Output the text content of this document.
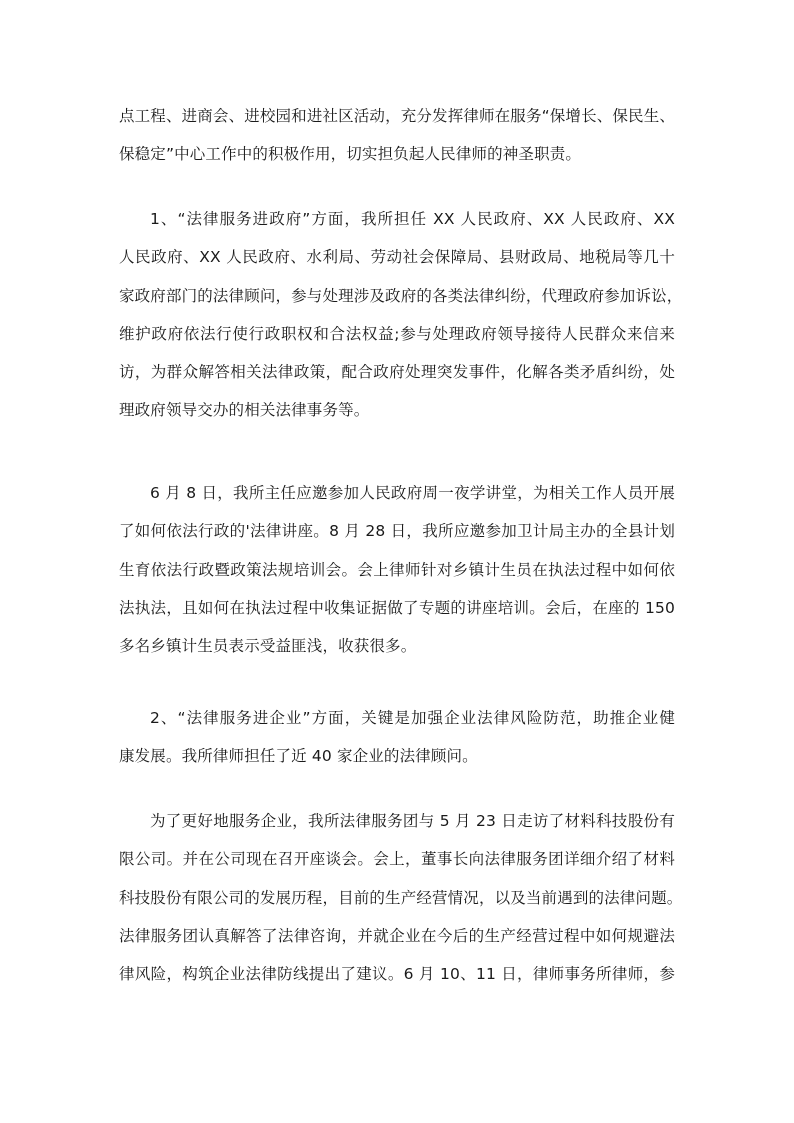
点工程、进商会、进校园和进社区活动，充分发挥律师在服务“保增长、保民生、
保稳定”中心工作中的积极作用，切实担负起人民律师的神圣职责。
1、“法律服务进政府”方面，我所担任 XX 人民政府、XX 人民政府、XX
人民政府、XX 人民政府、水利局、劳动社会保障局、县财政局、地税局等几十
家政府部门的法律顾问，参与处理涉及政府的各类法律纠纷，代理政府参加诉讼，
维护政府依法行使行政职权和合法权益;参与处理政府领导接待人民群众来信来
访，为群众解答相关法律政策，配合政府处理突发事件，化解各类矛盾纠纷，处
理政府领导交办的相关法律事务等。
6 月 8 日，我所主任应邀参加人民政府周一夜学讲堂，为相关工作人员开展
了如何依法行政的'法律讲座。8 月 28 日，我所应邀参加卫计局主办的全县计划
生育依法行政暨政策法规培训会。会上律师针对乡镇计生员在执法过程中如何依
法执法，且如何在执法过程中收集证据做了专题的讲座培训。会后，在座的 150
多名乡镇计生员表示受益匪浅，收获很多。
2、“法律服务进企业”方面，关键是加强企业法律风险防范，助推企业健
康发展。我所律师担任了近 40 家企业的法律顾问。
为了更好地服务企业，我所法律服务团与 5 月 23 日走访了材料科技股份有
限公司。并在公司现在召开座谈会。会上，董事长向法律服务团详细介绍了材料
科技股份有限公司的发展历程，目前的生产经营情况，以及当前遇到的法律问题。
法律服务团认真解答了法律咨询，并就企业在今后的生产经营过程中如何规避法
律风险，构筑企业法律防线提出了建议。6 月 10、11 日，律师事务所律师，参
